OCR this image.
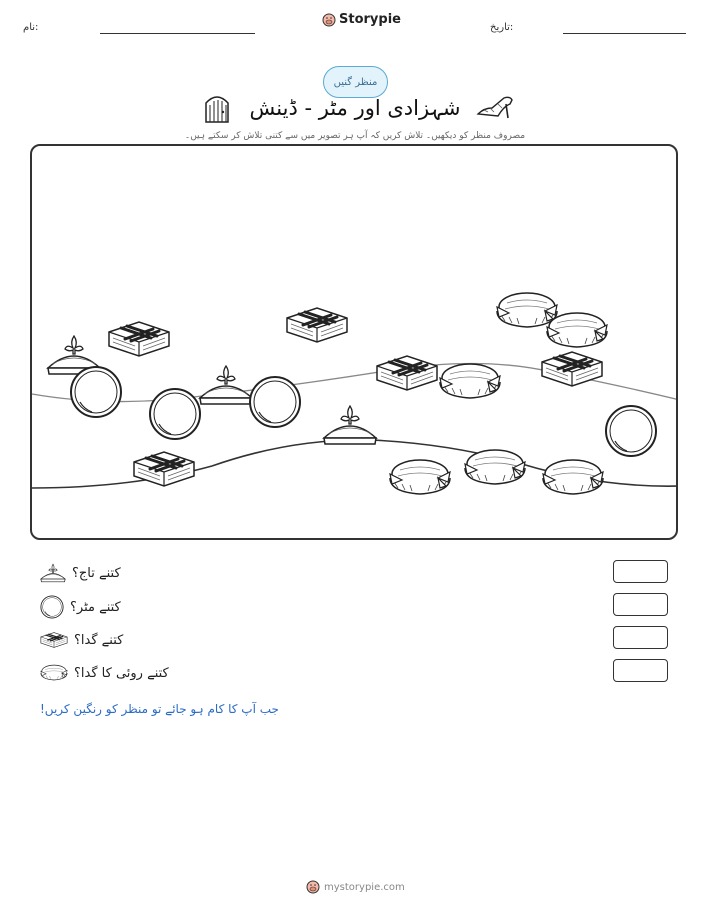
نام:
Storypie
تاریخ:
منظر گنیں
شہزادی اور مٹر - ڈینش
مصروف منظر کو دیکھیں۔ تلاش کریں کہ آپ ہر تصویر میں سے کتنی تلاش کر سکتے ہیں۔
کتنے تاج؟
کتنے مٹر؟
کتنے گدا؟
کتنے روئی کا گدا؟
جب آپ کا کام ہو جائے تو منظر کو رنگین کریں!
mystorypie.com
